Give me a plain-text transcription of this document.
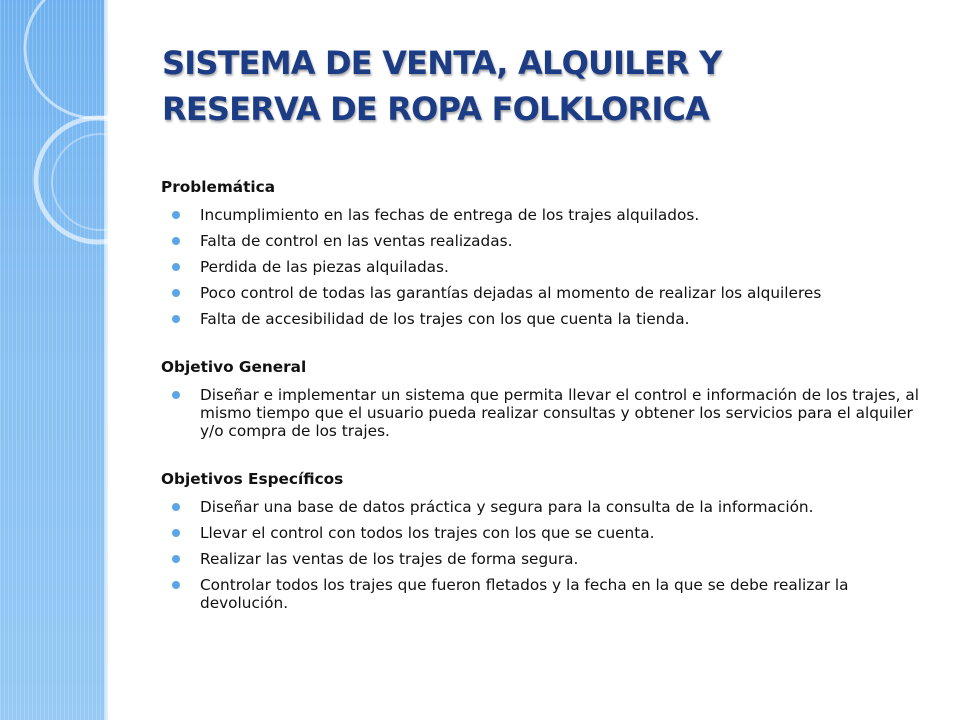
SISTEMA DE VENTA, ALQUILER Y
RESERVA DE ROPA FOLKLORICA

Problemática

Incumplimiento en las fechas de entrega de los trajes alquilados.
Falta de control en las ventas realizadas.
Perdida de las piezas alquiladas.
Poco control de todas las garantías dejadas al momento de realizar los alquileres
Falta de accesibilidad de los trajes con los que cuenta la tienda.

Objetivo General

Diseñar e implementar un sistema que permita llevar el control e información de los trajes, al mismo tiempo que el usuario pueda realizar consultas y obtener los servicios para el alquiler y/o compra de los trajes.

Objetivos Específicos

Diseñar una base de datos práctica y segura para la consulta de la información.
Llevar el control con todos los trajes con los que se cuenta.
Realizar las ventas de los trajes de forma segura.
Controlar todos los trajes que fueron fletados y la fecha en la que se debe realizar la devolución.
